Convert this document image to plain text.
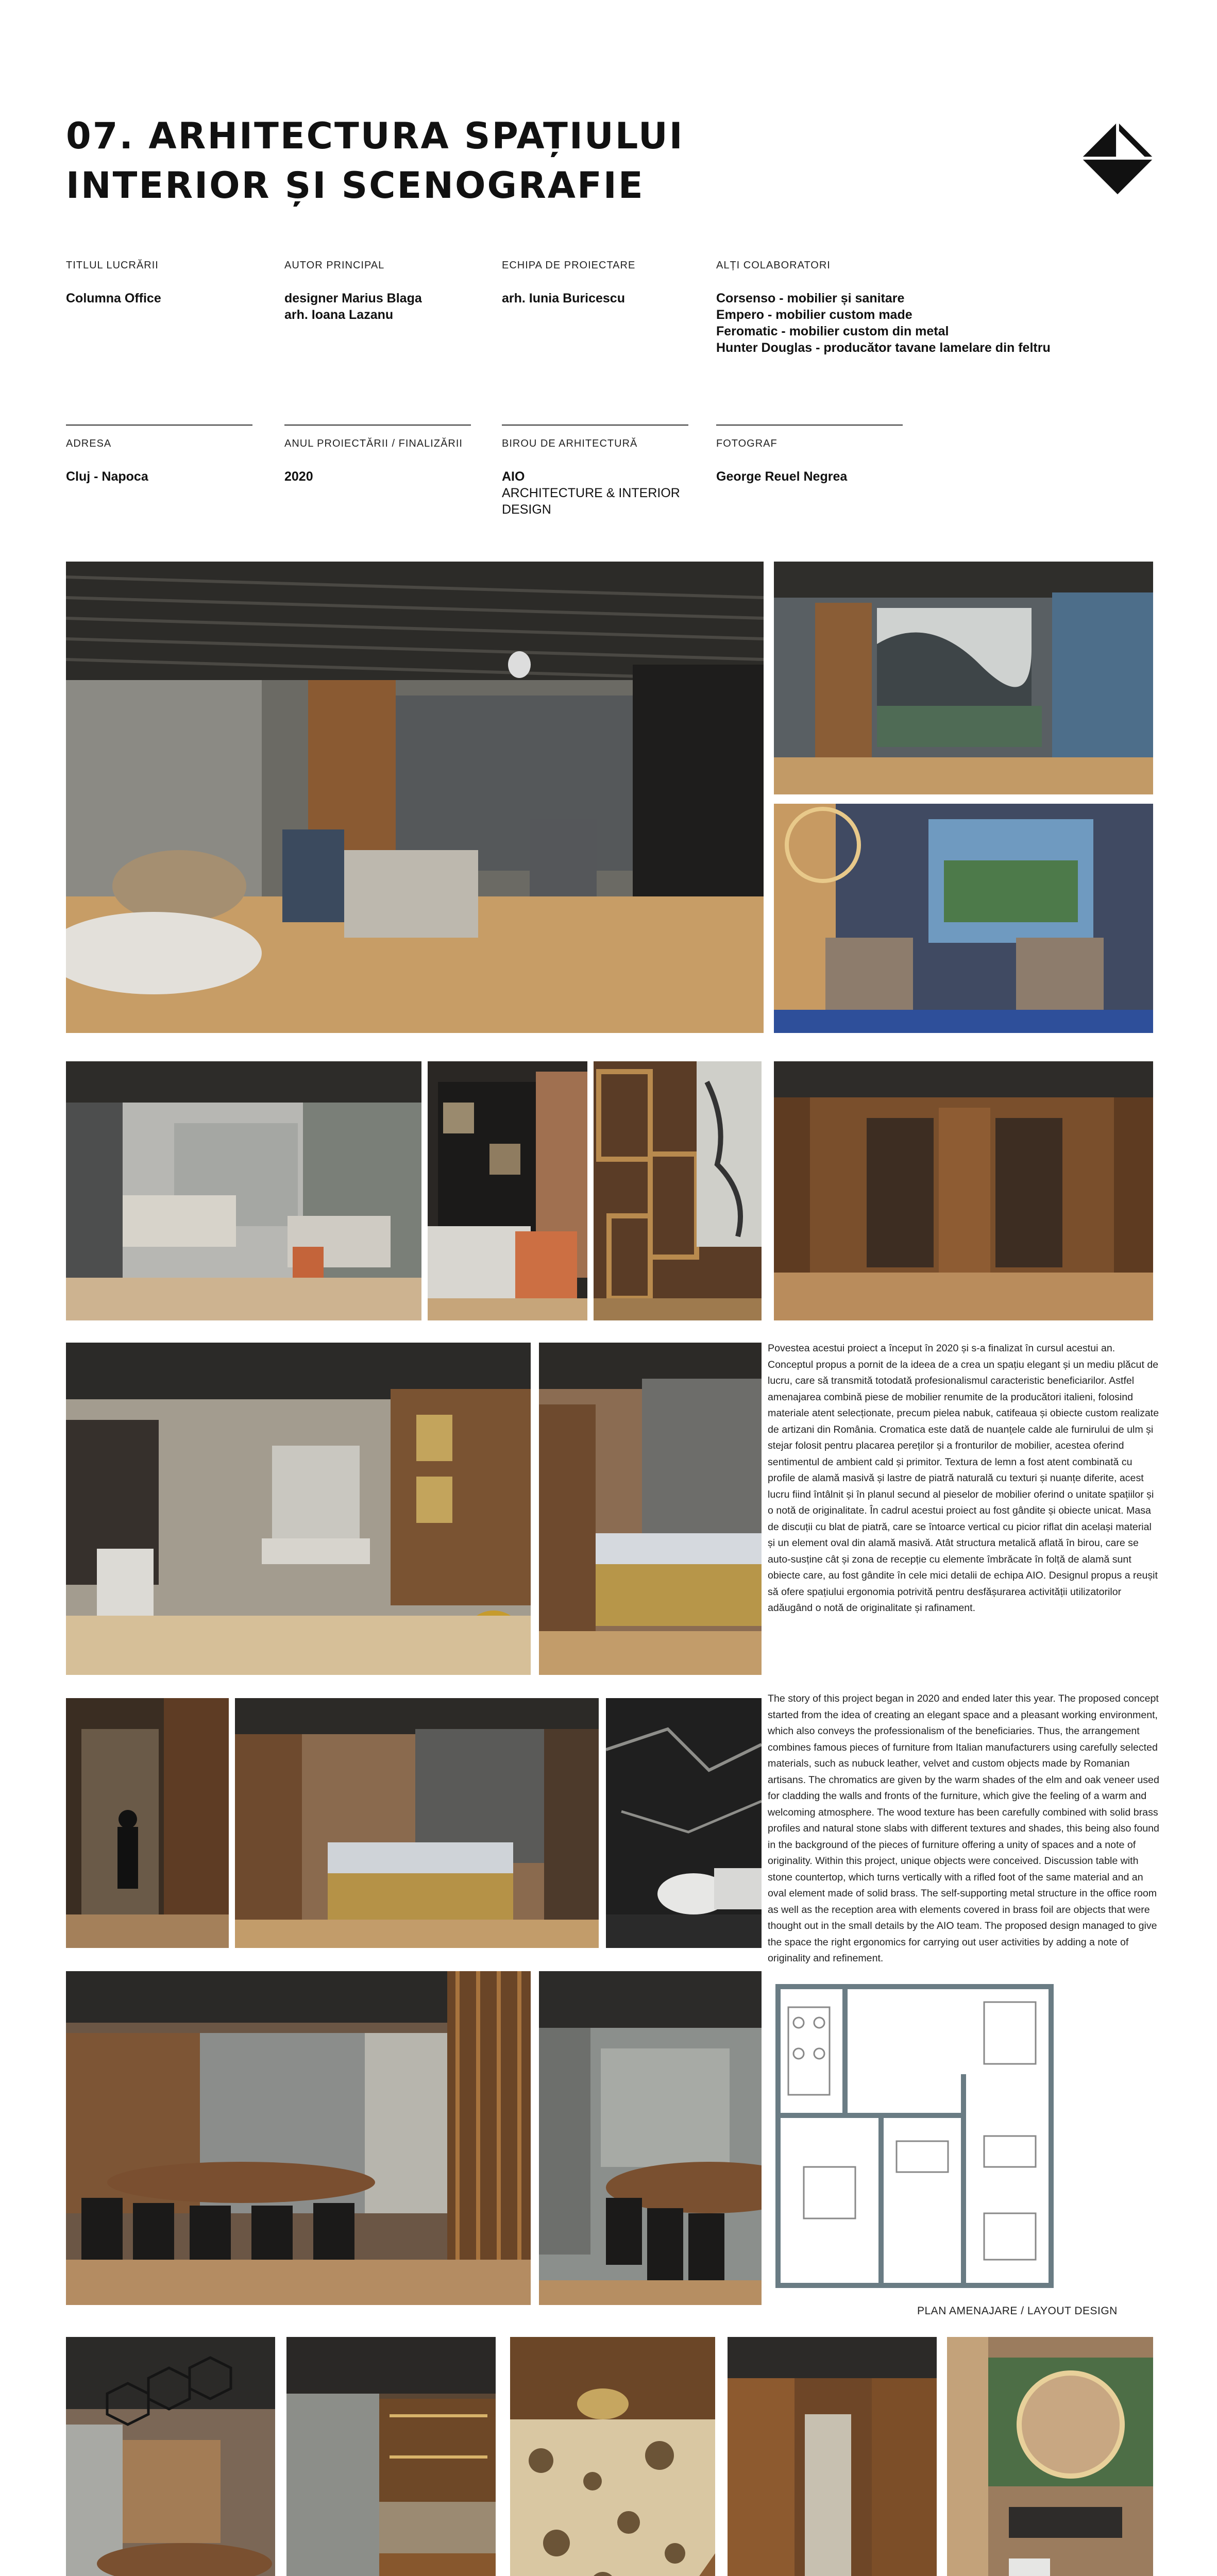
07. ARHITECTURA SPAȚIULUI
INTERIOR ȘI SCENOGRAFIE
TITLUL LUCRĂRII
Columna Office
AUTOR PRINCIPAL
designer Marius Blaga
arh. Ioana Lazanu
ECHIPA DE PROIECTARE
arh. Iunia Buricescu
ALȚI COLABORATORI
Corsenso - mobilier și sanitare
Empero - mobilier custom made
Feromatic - mobilier custom din metal
Hunter Douglas - producător tavane lamelare din feltru
ADRESA
Cluj - Napoca
ANUL PROIECTĂRII / FINALIZĂRII
2020
BIROU DE ARHITECTURĂ
AIO
ARCHITECTURE & INTERIOR DESIGN
FOTOGRAF
George Reuel Negrea
PLAN AMENAJARE / LAYOUT DESIGN
Povestea acestui proiect a început în 2020 și s-a finalizat în cursul acestui an. Conceptul propus a pornit de la ideea de a crea un spațiu elegant și un mediu plăcut de lucru, care să transmită totodată profesionalismul caracteristic beneficiarilor. Astfel amenajarea combină piese de mobilier renumite de la producători italieni, folosind materiale atent selecționate, precum pielea nabuk, catifeaua și obiecte custom realizate de artizani din România. Cromatica este dată de nuanțele calde ale furnirului de ulm și stejar folosit pentru placarea pereților și a fronturilor de mobilier, acestea oferind sentimentul de ambient cald și primitor. Textura de lemn a fost atent combinată cu profile de alamă masivă și lastre de piatră naturală cu texturi și nuanțe diferite, acest lucru fiind întâlnit și în planul secund al pieselor de mobilier oferind o unitate spațiilor și o notă de originalitate. În cadrul acestui proiect au fost gândite și obiecte unicat. Masa de discuții cu blat de piatră, care se întoarce vertical cu picior riflat din același material și un element oval din alamă masivă. Atât structura metalică aflată în birou, care se auto-susține cât și zona de recepție cu elemente îmbrăcate în folță de alamă sunt obiecte care, au fost gândite în cele mici detalii de echipa AIO. Designul propus a reușit să ofere spațiului ergonomia potrivită pentru desfășurarea activității utilizatorilor adăugând o notă de originalitate și rafinament.
The story of this project began in 2020 and ended later this year. The proposed concept started from the idea of creating an elegant space and a pleasant working environment, which also conveys the professionalism of the beneficiaries. Thus, the arrangement combines famous pieces of furniture from Italian manufacturers using carefully selected materials, such as nubuck leather, velvet and custom objects made by Romanian artisans. The chromatics are given by the warm shades of the elm and oak veneer used for cladding the walls and fronts of the furniture, which give the feeling of a warm and welcoming atmosphere. The wood texture has been carefully combined with solid brass profiles and natural stone slabs with different textures and shades, this being also found in the background of the pieces of furniture offering a unity of spaces and a note of originality. Within this project, unique objects were conceived. Discussion table with stone countertop, which turns vertically with a rifled foot of the same material and an oval element made of solid brass. The self-supporting metal structure in the office room as well as the reception area with elements covered in brass foil are objects that were thought out in the small details by the AIO team. The proposed design managed to give the space the right ergonomics for carrying out user activities by adding a note of originality and refinement.
